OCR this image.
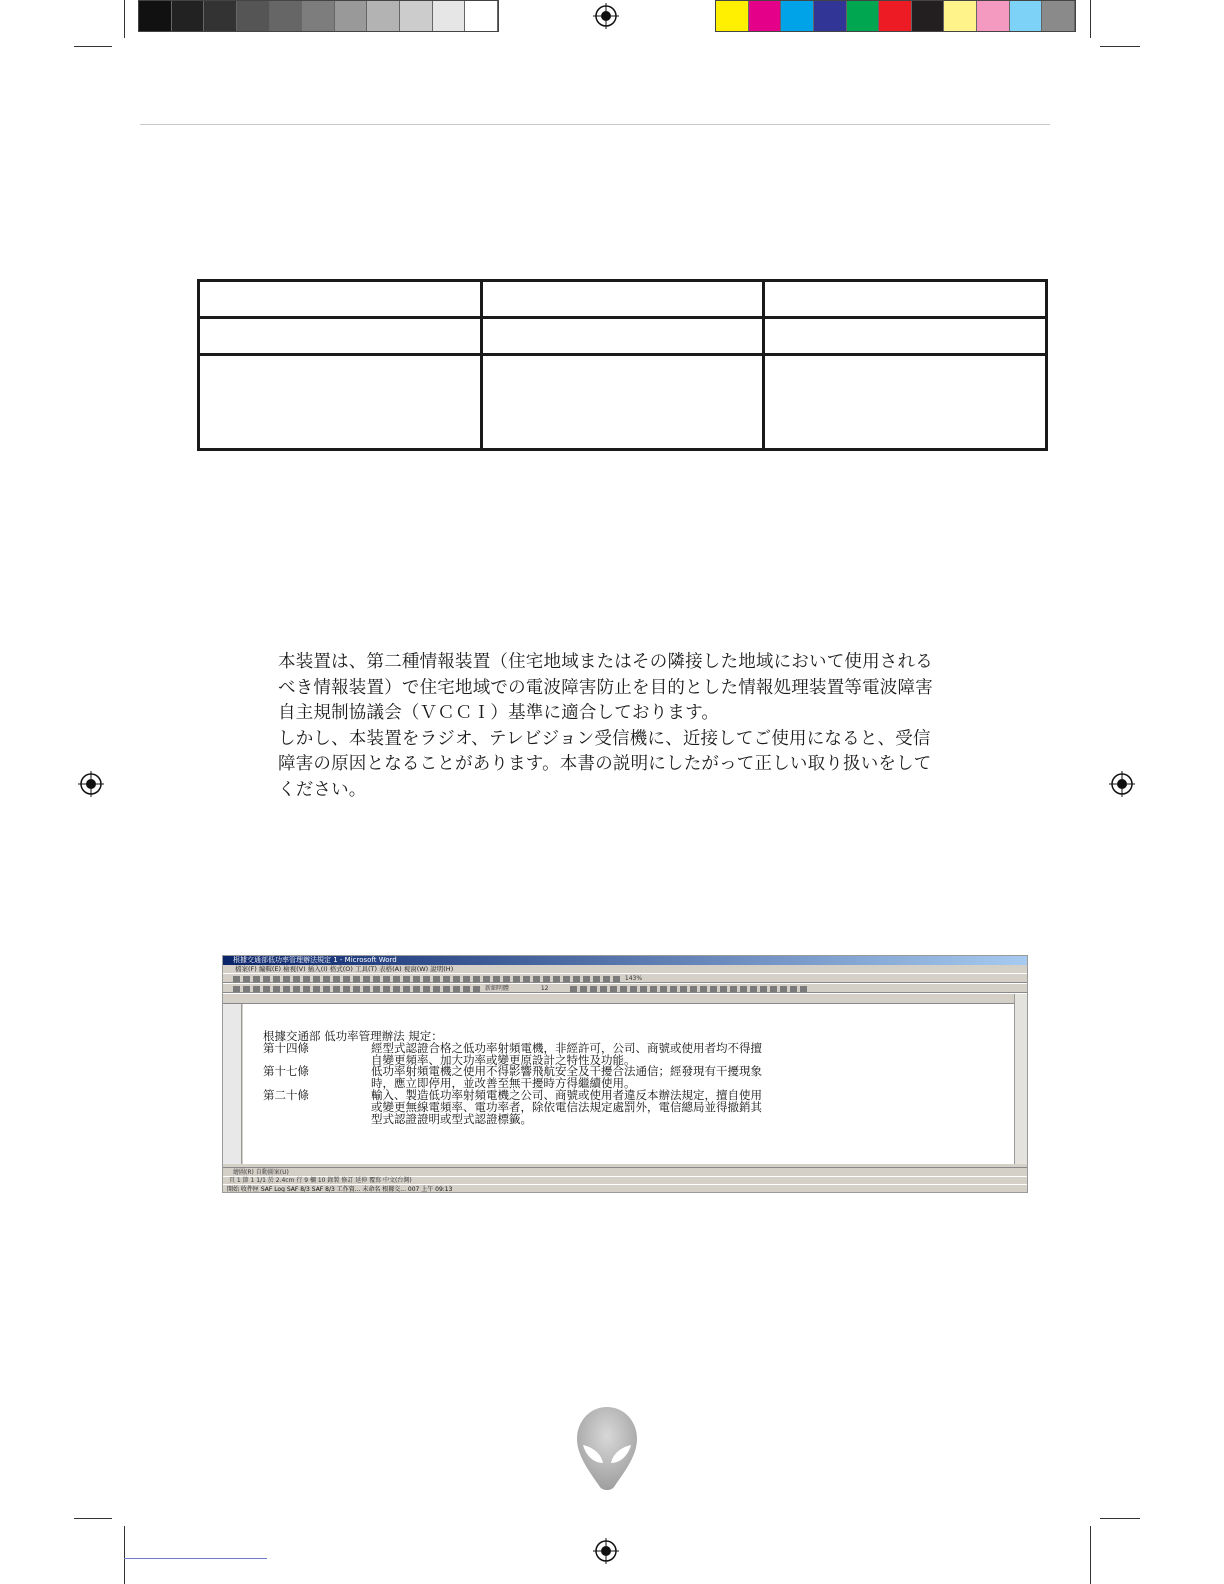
本装置は、第二種情報装置（住宅地域またはその隣接した地域において使用される

べき情報装置）で住宅地域での電波障害防止を目的とした情報処理装置等電波障害

自主規制協議会（ＶＣＣＩ）基準に適合しております。

しかし、本装置をラジオ、テレビジョン受信機に、近接してご使用になると、受信

障害の原因となることがあります。本書の説明にしたがって正しい取り扱いをして

ください。

根據交通部低功率管理辦法規定 1 - Microsoft Word
檔案(F) 編輯(E) 檢視(V) 插入(I) 格式(O) 工具(T) 表格(A) 視窗(W) 說明(H)
143%
新細明體	12
根據交通部 低功率管理辦法 規定：
第十四條	經型式認證合格之低功率射頻電機，非經許可，公司、商號或使用者均不得擅
自變更頻率、加大功率或變更原設計之特性及功能。
第十七條	低功率射頻電機之使用不得影響飛航安全及干擾合法通信；經發現有干擾現象
時，應立即停用，並改善至無干擾時方得繼續使用。
第二十條	輸入、製造低功率射頻電機之公司、商號或使用者違反本辦法規定，擅自使用
或變更無線電頻率、電功率者，除依電信法規定處罰外，電信總局並得撤銷其
型式認證證明或型式認證標籤。
繪圖(R) 自動圖案(U)
頁 1 節 1 1/1 於 2.4cm 行 9 欄 10 錄製 修訂 延伸 覆寫 中文(台灣)
開始 收件匣 SAF Log SAF 8/3 SAF 8/3 工作資... 未命名 根據交... 007 上午 09:13
